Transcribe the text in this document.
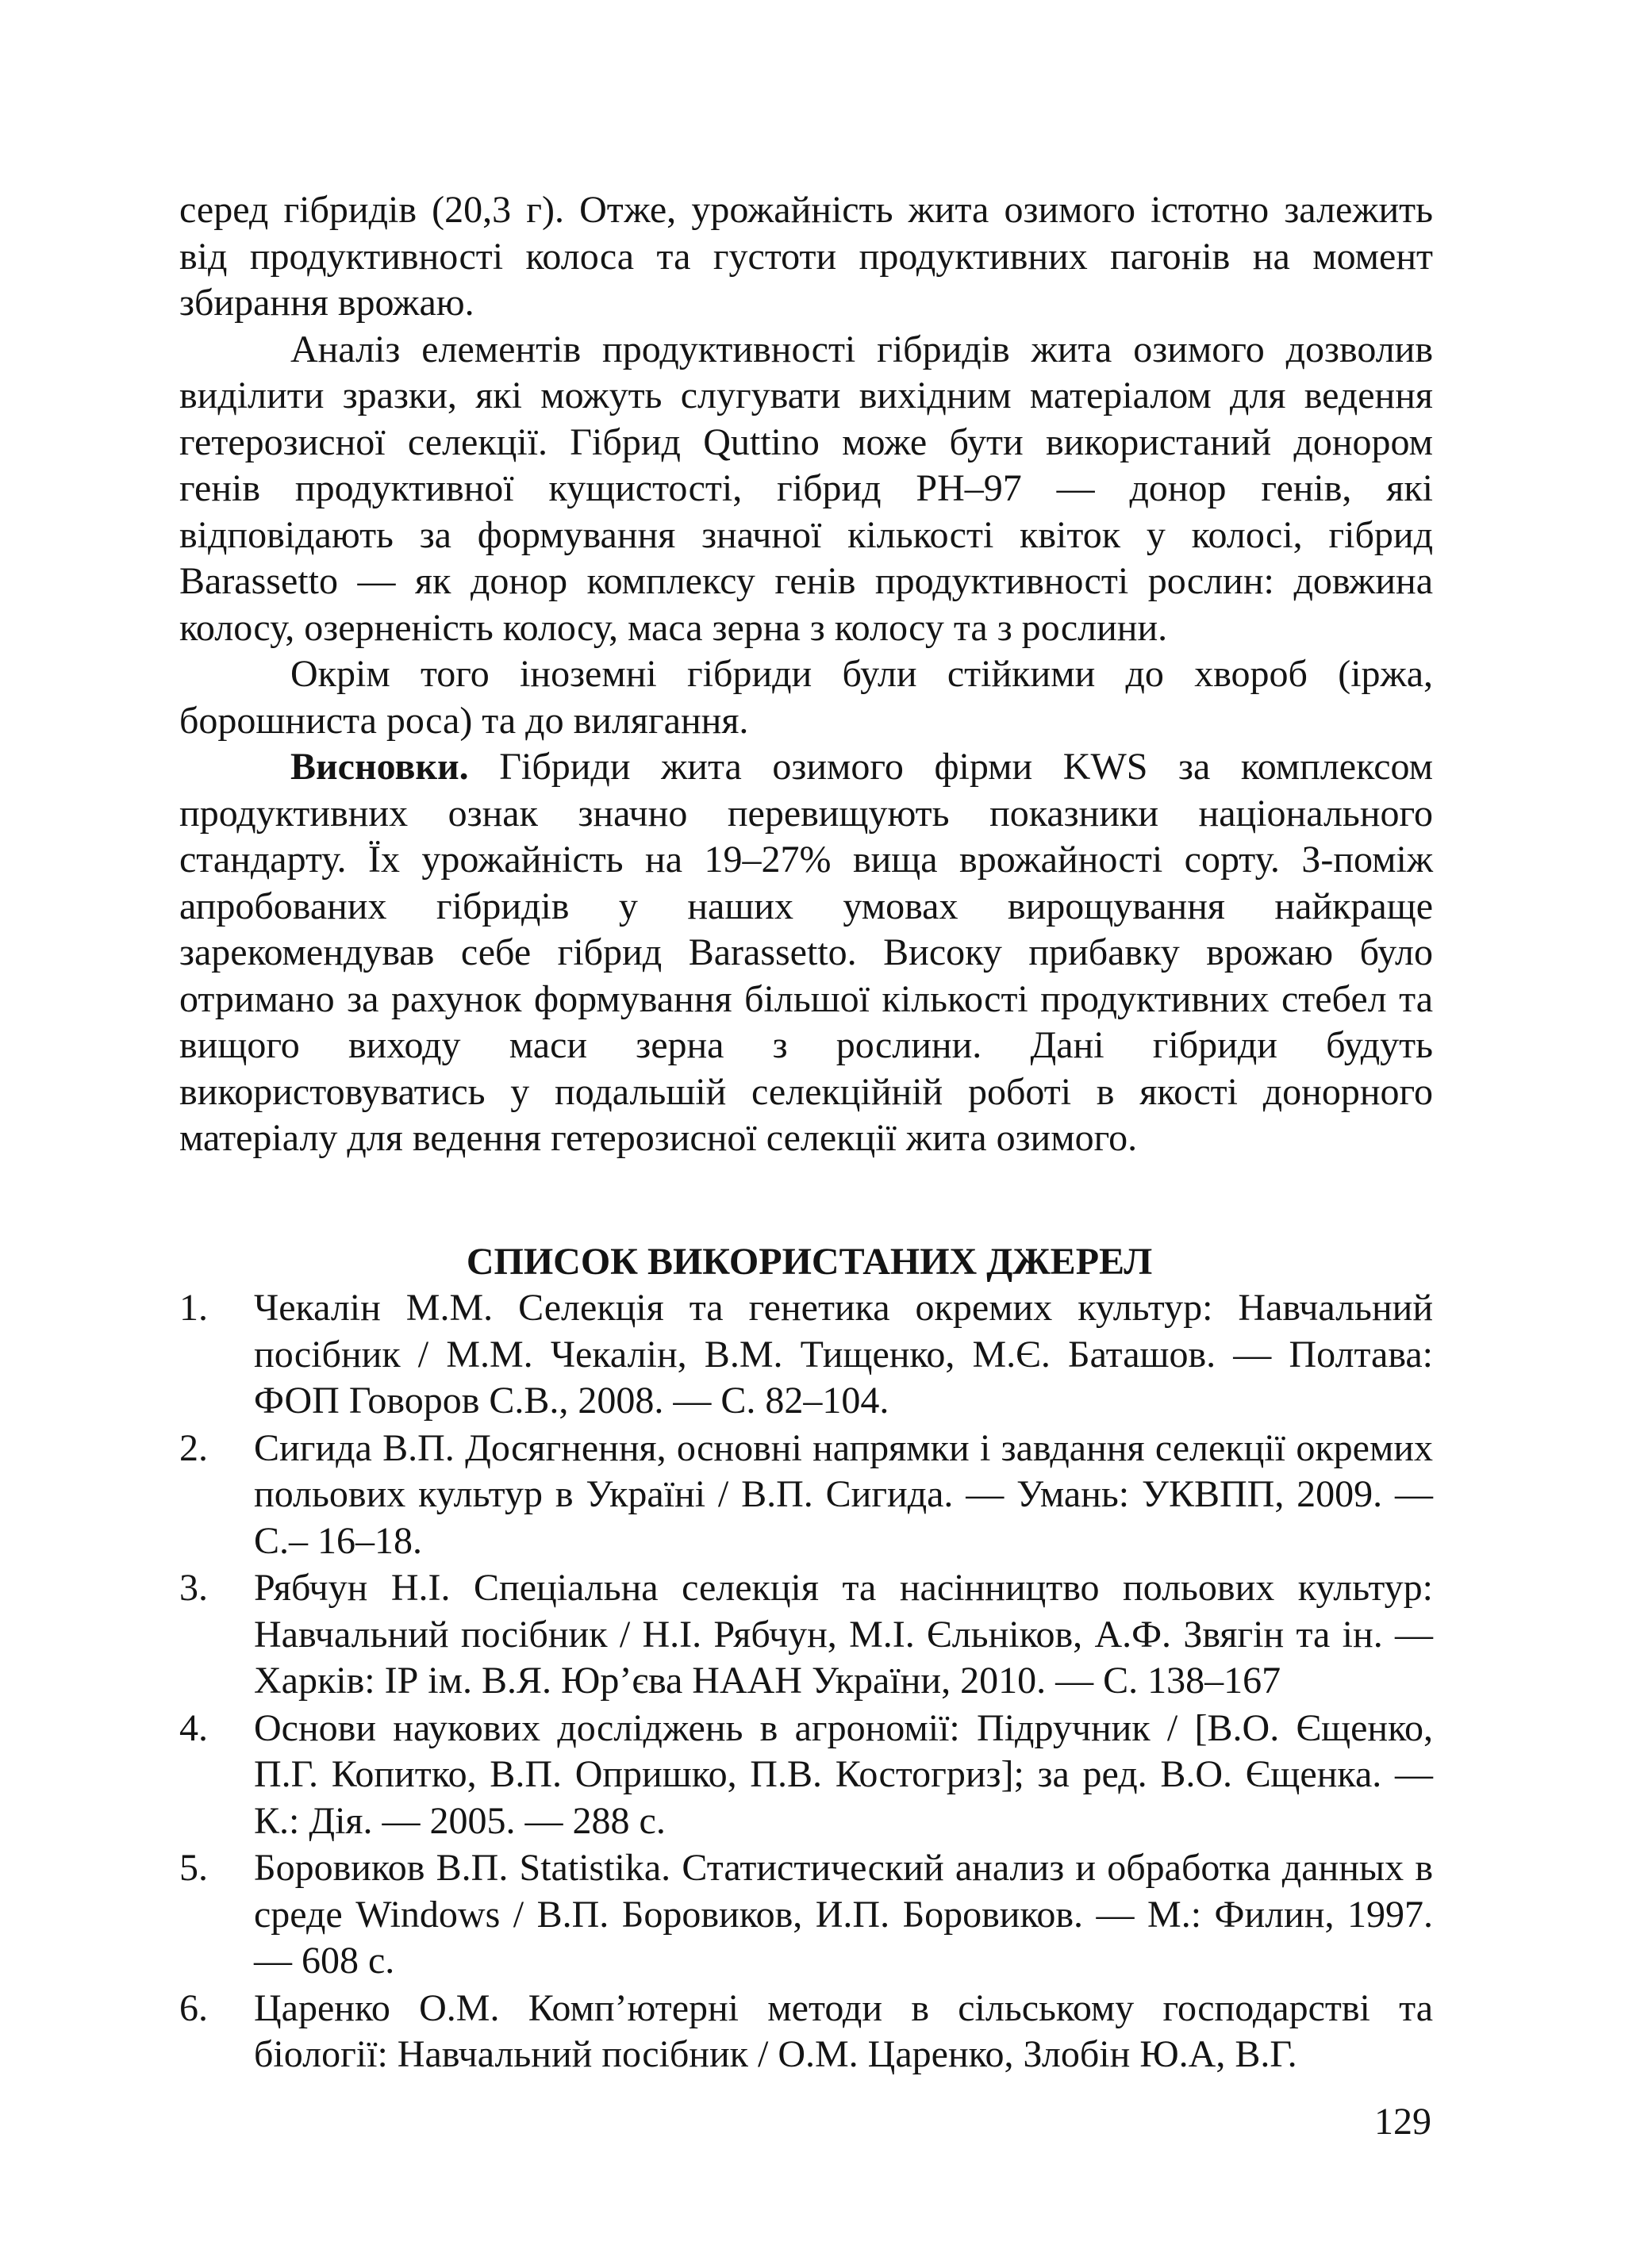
серед гібридів (20,3 г). Отже, урожайність жита озимого істотно залежить від продуктивності колоса та густоти продуктивних пагонів на момент збирання врожаю.

Аналіз елементів продуктивності гібридів жита озимого дозволив виділити зразки, які можуть слугувати вихідним матеріалом для ведення гетерозисної селекції. Гібрид Quttino може бути використаний донором генів продуктивної кущистості, гібрид РН–97 — донор генів, які відповідають за формування значної кількості квіток у колосі, гібрид Barassetto — як донор комплексу генів продуктивності рослин: довжина колосу, озерненість колосу, маса зерна з колосу та з рослини.

Окрім того іноземні гібриди були стійкими до хвороб (іржа, борошниста роса) та до вилягання.

Висновки. Гібриди жита озимого фірми KWS за комплексом продуктивних ознак значно перевищують показники національного стандарту. Їх урожайність на 19–27% вища врожайності сорту. З-поміж апробованих гібридів у наших умовах вирощування найкраще зарекомендував себе гібрид Barassetto. Високу прибавку врожаю було отримано за рахунок формування більшої кількості продуктивних стебел та вищого виходу маси зерна з рослини. Дані гібриди будуть використовуватись у подальшій селекційній роботі в якості донорного матеріалу для ведення гетерозисної селекції жита озимого.

СПИСОК ВИКОРИСТАНИХ ДЖЕРЕЛ
1. Чекалін М.М. Селекція та генетика окремих культур: Навчальний посібник / М.М. Чекалін, В.М. Тищенко, М.Є. Баташов. — Полтава: ФОП Говоров С.В., 2008. — С. 82–104.
2. Сигида В.П. Досягнення, основні напрямки і завдання селекції окремих польових культур в Україні / В.П. Сигида. — Умань: УКВПП, 2009. — С.– 16–18.
3. Рябчун Н.І. Спеціальна селекція та насінництво польових культур: Навчальний посібник / Н.І. Рябчун, М.І. Єльніков, А.Ф. Звягін та ін. — Харків: ІР ім. В.Я. Юр’єва НААН України, 2010. — С. 138–167
4. Основи наукових досліджень в агрономії: Підручник / [В.О. Єщенко, П.Г. Копитко, В.П. Опришко, П.В. Костогриз]; за ред. В.О. Єщенка. — К.: Дія. — 2005. — 288 с.
5. Боровиков В.П. Statistika. Статистический анализ и обработка данных в среде Windows / В.П. Боровиков, И.П. Боровиков. — М.: Филин, 1997. — 608 с.
6. Царенко О.М. Комп’ютерні методи в сільському господарстві та біології: Навчальний посібник / О.М. Царенко, Злобін Ю.А, В.Г.
129
